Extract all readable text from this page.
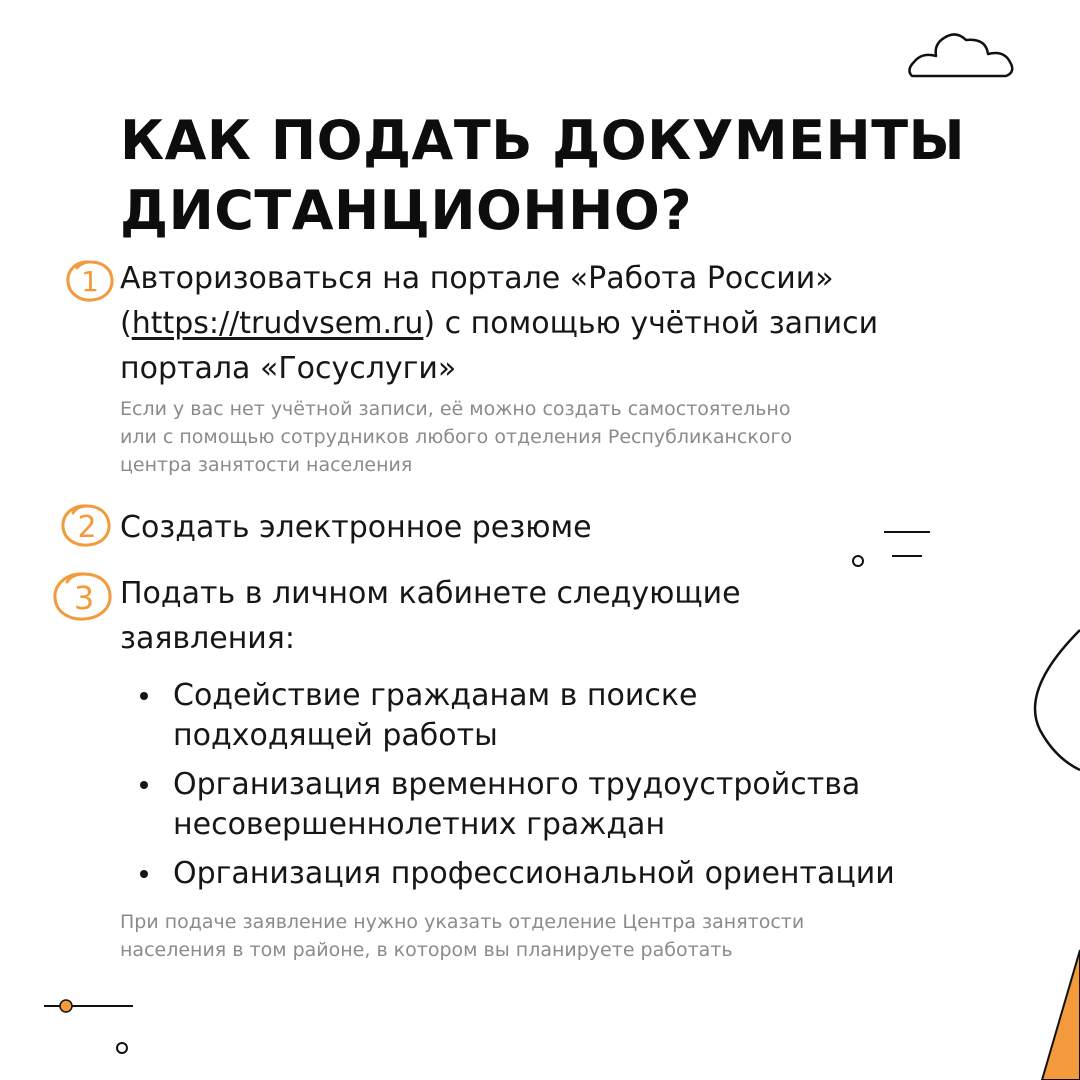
КАК ПОДАТЬ ДОКУМЕНТЫ
ДИСТАНЦИОННО?
1 Авторизоваться на портале «Работа России»
(https://trudvsem.ru) с помощью учётной записи
портала «Госуслуги»
Если у вас нет учётной записи, её можно создать самостоятельно
или с помощью сотрудников любого отделения Республиканского
центра занятости населения
2 Создать электронное резюме
3 Подать в личном кабинете следующие
заявления:
Содействие гражданам в поиске
подходящей работы
Организация временного трудоустройства
несовершеннолетних граждан
Организация профессиональной ориентации
При подаче заявление нужно указать отделение Центра занятости
населения в том районе, в котором вы планируете работать
